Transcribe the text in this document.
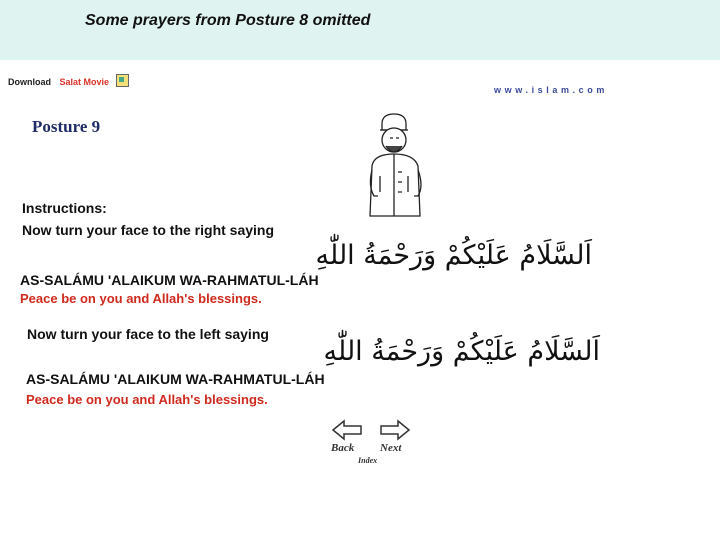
Some prayers from Posture 8 omitted
Download Salat Movie
www.islam.com
Posture 9
Instructions:
Now turn your face to the right saying
اَلسَّلَامُ عَلَيْكُمْ وَرَحْمَةُ اللّٰهِ
AS-SALÁMU 'ALAIKUM WA-RAHMATUL-LÁH
Peace be on you and Allah's blessings.
Now turn your face to the left saying
اَلسَّلَامُ عَلَيْكُمْ وَرَحْمَةُ اللّٰهِ
AS-SALÁMU 'ALAIKUM WA-RAHMATUL-LÁH
Peace be on you and Allah's blessings.
Back Next
Index
